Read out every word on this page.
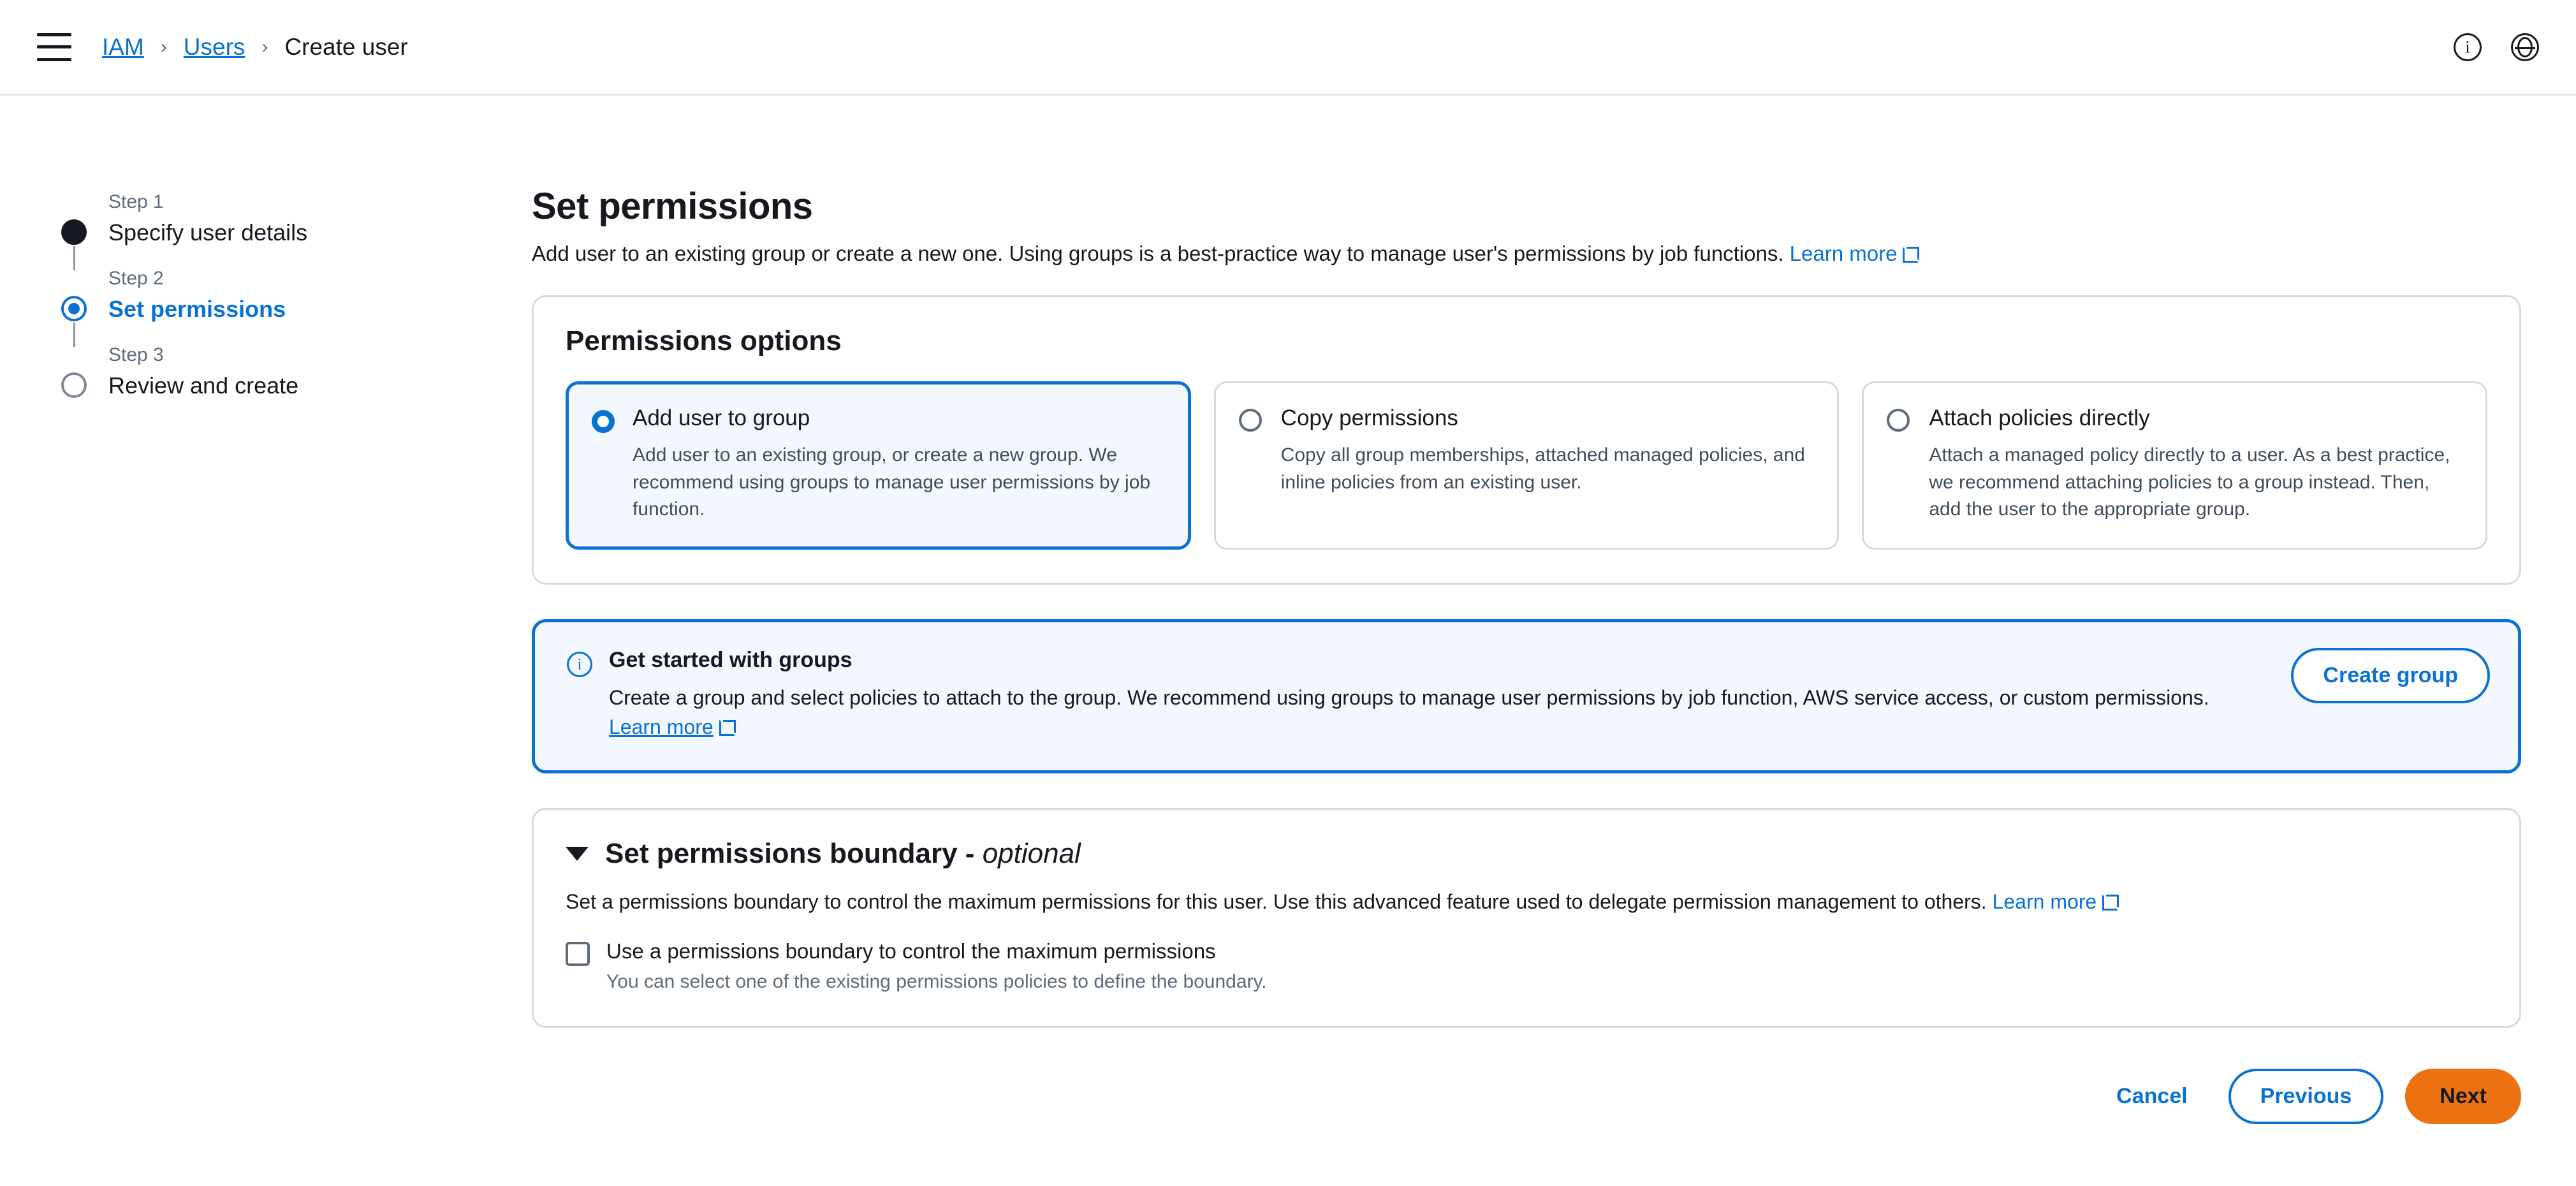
IAM › Users › Create user
i
Step 1
Specify user details
Step 2
Set permissions
Step 3
Review and create
Set permissions
Add user to an existing group or create a new one. Using groups is a best-practice way to manage user's permissions by job functions. Learn more
Permissions options
Add user to group
Add user to an existing group, or create a new group. We recommend using groups to manage user permissions by job function.
Copy permissions
Copy all group memberships, attached managed policies, and inline policies from an existing user.
Attach policies directly
Attach a managed policy directly to a user. As a best practice, we recommend attaching policies to a group instead. Then, add the user to the appropriate group.
i
Get started with groups
Create a group and select policies to attach to the group. We recommend using groups to manage user permissions by job function, AWS service access, or custom permissions. Learn more
Create group
Set permissions boundary - optional
Set a permissions boundary to control the maximum permissions for this user. Use this advanced feature used to delegate permission management to others. Learn more
Use a permissions boundary to control the maximum permissions
You can select one of the existing permissions policies to define the boundary.
Cancel	Previous	Next
